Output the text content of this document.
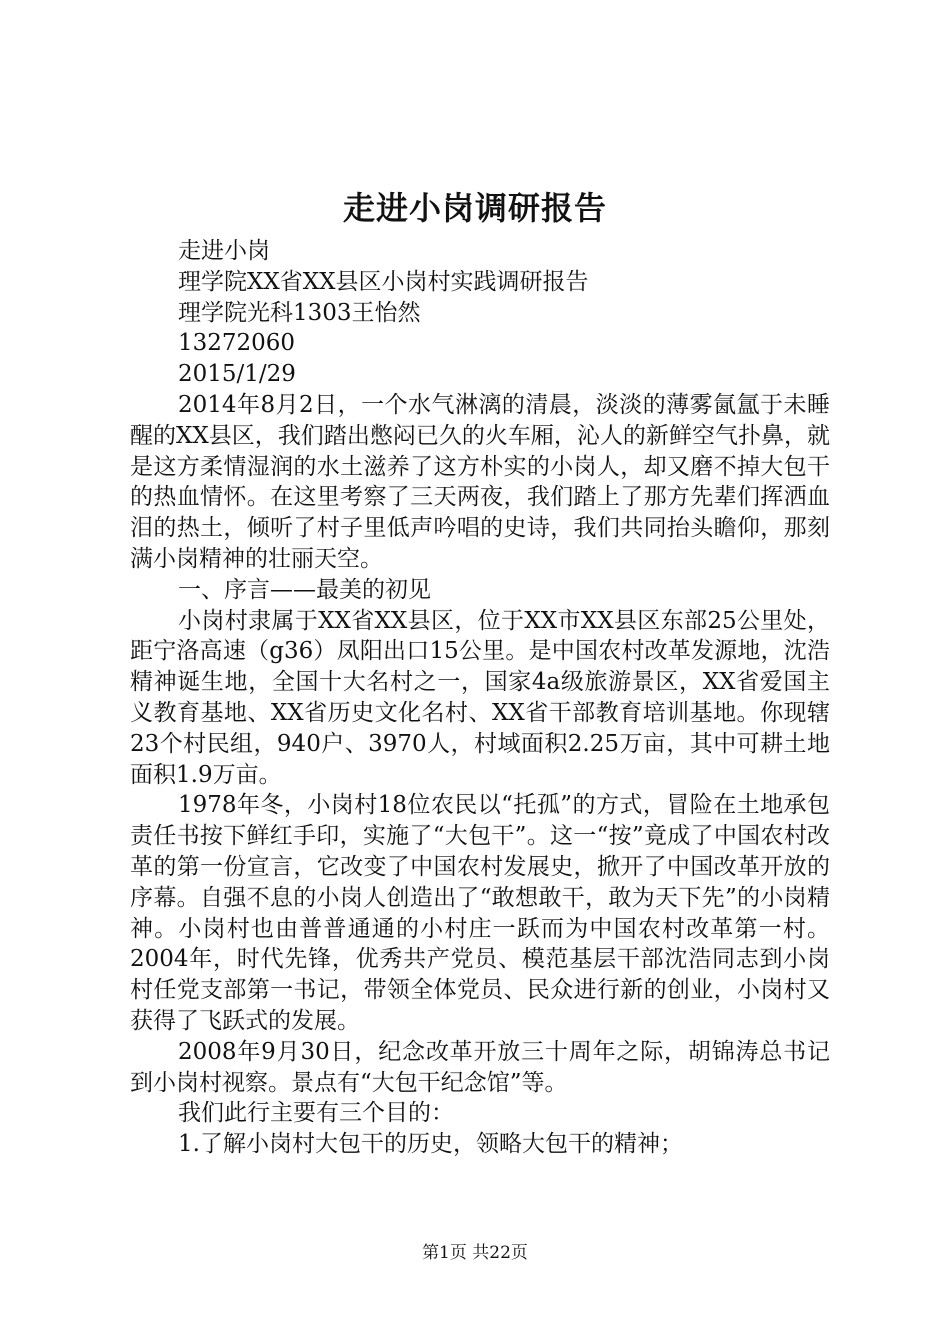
走进小岗调研报告

走进小岗

理学院XX省XX县区小岗村实践调研报告

理学院光科1303王怡然

13272060

2015/1/29

2014年8月2日，一个水气淋漓的清晨，淡淡的薄雾氤氲于未睡醒的XX县区，我们踏出憋闷已久的火车厢，沁人的新鲜空气扑鼻，就是这方柔情湿润的水土滋养了这方朴实的小岗人，却又磨不掉大包干的热血情怀。在这里考察了三天两夜，我们踏上了那方先辈们挥洒血泪的热土，倾听了村子里低声吟唱的史诗，我们共同抬头瞻仰，那刻满小岗精神的壮丽天空。

一、序言——最美的初见

小岗村隶属于XX省XX县区，位于XX市XX县区东部25公里处，距宁洛高速（g36）凤阳出口15公里。是中国农村改革发源地，沈浩精神诞生地，全国十大名村之一，国家4a级旅游景区，XX省爱国主义教育基地、XX省历史文化名村、XX省干部教育培训基地。你现辖23个村民组，940户、3970人，村域面积2.25万亩，其中可耕土地面积1.9万亩。

1978年冬，小岗村18位农民以“托孤”的方式，冒险在土地承包责任书按下鲜红手印，实施了“大包干”。这一“按”竟成了中国农村改革的第一份宣言，它改变了中国农村发展史，掀开了中国改革开放的序幕。自强不息的小岗人创造出了“敢想敢干，敢为天下先”的小岗精神。小岗村也由普普通通的小村庄一跃而为中国农村改革第一村。2004年，时代先锋，优秀共产党员、模范基层干部沈浩同志到小岗村任党支部第一书记，带领全体党员、民众进行新的创业，小岗村又获得了飞跃式的发展。

2008年9月30日，纪念改革开放三十周年之际，胡锦涛总书记到小岗村视察。景点有“大包干纪念馆”等。

我们此行主要有三个目的：

1.了解小岗村大包干的历史，领略大包干的精神；

第1页 共22页
